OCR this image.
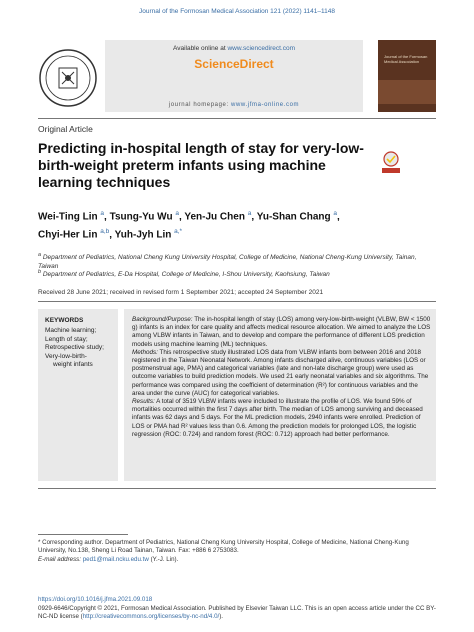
Journal of the Formosan Medical Association 121 (2022) 1141–1148
Available online at www.sciencedirect.com
ScienceDirect
journal homepage: www.jfma-online.com
Journal of the Formosan Medical Association
Original Article
Predicting in-hospital length of stay for very-low-birth-weight preterm infants using machine learning techniques
Wei-Ting Lin $^a$, Tsung-Yu Wu $^a$, Yen-Ju Chen $^a$, Yu-Shan Chang $^a$,
Chyi-Her Lin $^{a,b}$, Yuh-Jyh Lin $^{a,*}$
$^a$ Department of Pediatrics, National Cheng Kung University Hospital, College of Medicine, National Cheng-Kung University, Tainan, Taiwan
$^b$ Department of Pediatrics, E-Da Hospital, College of Medicine, I-Shou University, Kaohsiung, Taiwan
Received 28 June 2021; received in revised form 1 September 2021; accepted 24 September 2021
KEYWORDS
Machine learning;
Length of stay;
Retrospective study;
Very-low-birth-
weight infants

Background/Purpose: The in-hospital length of stay (LOS) among very-low-birth-weight (VLBW, BW < 1500 g) infants is an index for care quality and affects medical resource allocation. We aimed to analyze the LOS among VLBW infants in Taiwan, and to develop and compare the performance of different LOS prediction models using machine learning (ML) techniques.

Methods: This retrospective study illustrated LOS data from VLBW infants born between 2016 and 2018 registered in the Taiwan Neonatal Network. Among infants discharged alive, continuous variables (LOS or postmenstrual age, PMA) and categorical variables (late and non-late discharge group) were used as outcome variables to build prediction models. We used 21 early neonatal variables and six algorithms. The performance was compared using the coefficient of determination (R²) for continuous variables and the area under the curve (AUC) for categorical variables.

Results: A total of 3519 VLBW infants were included to illustrate the profile of LOS. We found 59% of mortalities occurred within the first 7 days after birth. The median of LOS among surviving and deceased infants was 62 days and 5 days. For the ML prediction models, 2940 infants were enrolled. Prediction of LOS or PMA had R² values less than 0.6. Among the prediction models for prolonged LOS, the logistic regression (ROC: 0.724) and random forest (ROC: 0.712) approach had better performance.

* Corresponding author. Department of Pediatrics, National Cheng Kung University Hospital, College of Medicine, National Cheng-Kung University, No.138, Sheng Li Road Tainan, Taiwan. Fax: +886 6 2753083.
E-mail address: ped1@mail.ncku.edu.tw (Y.-J. Lin).
https://doi.org/10.1016/j.jfma.2021.09.018
0929-6646/Copyright © 2021, Formosan Medical Association. Published by Elsevier Taiwan LLC. This is an open access article under the CC BY-NC-ND license (http://creativecommons.org/licenses/by-nc-nd/4.0/).
